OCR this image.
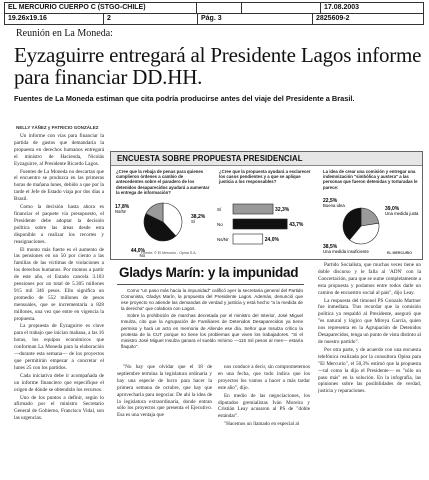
EL MERCURIO CUERPO C (STGO-CHILE)	17.08.2003
19.26x19.16	2	Pág. 3	2825609-2
Reunión en La Moneda:
Eyzaguirre entregará al Presidente Lagos informe para financiar DD.HH.
Fuentes de La Moneda estiman que cita podría producirse antes del viaje del Presidente a Brasil.
NELLY YÁÑEZ y PATRICIO GONZÁLEZ

Un informe con vías para financiar la partida de gastos que demandaría la propuesta en derechos humanos entregará el ministro de Hacienda, Nicolás Eyzaguirre, al Presidente Ricardo Lagos.

Fuentes de La Moneda no descartan que el encuentro se produzca en las primeras horas de mañana lunes, debido a que por la tarde el Jefe de Estado viaja por dos días a Brasil.

Como la decisión hasta ahora es financiar el paquete vía presupuesto, el Presidente debe adoptar la decisión política sobre las áreas desde esta disponible a realizar los recortes y reasignaciones.

El monto más fuerte es el aumento de las pensiones en un 50 por ciento a las familias de las víctimas de violaciones a los derechos humanos. Por montos a partir de este año, el Estado cancela 3.103 pensiones por un total de 5.305 millones 915 mil 346 pesos. Ello significa un promedio de 552 millones de pesos mensuales, que se incrementaría a 828 millones, una vez que entre en vigencia la propuesta.

La propuesta de Eyzaguirre es clave para el trabajo que inician mañana, a las 16 horas, los equipos económicos que conforman La Moneda para la elaboración —durante esta semana— de los proyectos que permitirán empezar a concretar el lunes 25 con los partidos.

Cada iniciativa debe ir acompañada de un informe financiero que especifique el origen de dónde se obtendrán los recursos.

Uno de los puntos a definir, según lo afirmado por el ministro Secretario General de Gobierno, Francisco Vidal, son las urgencias.

ENCUESTA SOBRE PROPUESTA PRESIDENCIAL
¿Cree que la rebaja de penas para quienes cumplieron órdenes a cambio de antecedentes sobre el paradero de los detenidos desaparecidos ayudará a aumentar la entrega de información?
¿Cree que la propuesta ayudará a esclarecer los casos pendientes y a que se aplique justicia a los responsables?
La idea de crear una comisión y entregar una indemnización "simbólica y austera" a las personas que fueron detenidas y torturadas le parece:
38,2%
Sí
44,0%
No
17,8%
Ns/Nr	Sí	32,3%
No	43,7%
Ns/Nr	24,0%
22,5%
Buena idea
38,5%
Una medida insuficiente
39,0%
Una medida justa
Fuente: © El Mercurio - Opina S.A.	EL MERCURIO

Partido Socialista, que muchas veces tiene un doble discurso y le falla al 'ADN' con la Concertación, para que se sume completamente a esta propuesta y podamos entre todos darle un camino de encuentro social al país", dijo Leay.

La respuesta del timonel PS Gonzalo Martner fue inmediata. Tras recordar que la comisión política ya respaldó al Presidente, aseguró que "es natural y lógico que Mireya García, quien nos representa en la Agrupación de Detenidos Desaparecidos, tenga un punto de vista distinto al de nuestro partido".

Por otra parte, y de acuerdo con una encuesta telefónica realizada por la consultora Opina para "El Mercurio", el 50,3% estimó que la propuesta —tal como la dijo el Presidente— es "sólo un paso más" en la solución. En la infografía, las opiniones sobre las posibilidades de verdad, justicia y reparaciones.

Gladys Marín: y la impunidad

Como "un paso más hacia la impunidad" calificó ayer la secretaria general del Partido Comunista, Gladys Marín, la propuesta del Presidente Lagos. Además, denunció que ese proyecto no atiende las demandas de verdad y justicia y está hecho "a la medida de la derecha" que colabora con Lagos.

Sobre la prohibición de marchas decretada por el ministro del Interior, José Miguel Insulza, cito que la Agrupación de Familiares de Detenidos Desaparecidos ya tiene permiso y hará un acto en memoria de Allende ese día. Señor que Insulza crítico la protesta de la CUT porque no tiene los problemas que viven los trabajadores. "Si el ministro José Miguel Insulza ganara el sueldo mínimo —115 mil pesos al mes— estaría flaquito".

"No hay que olvidar que el 18 de septiembre termina la legislatura ordinaria y hay una especie de lucro para hacer la primera semana de octubre, que hay que aprovecharla para negociar. De ahí la idea de la legislatura extraordinaria, donde entran sólo los proyectos que presenta el Ejecutivo. Esa es una ventaja que

nos conduce a decir, sin comprometernos en una fecha, que todo indica que los proyectos los vamos a hacer a más tardar este año", dijo.

En medio de las negociaciones, los diputados gremialistas Iván Moreira y Cristián Leay acusaron al PS de "doble estándar".

"Hacemos un llamado en especial al
